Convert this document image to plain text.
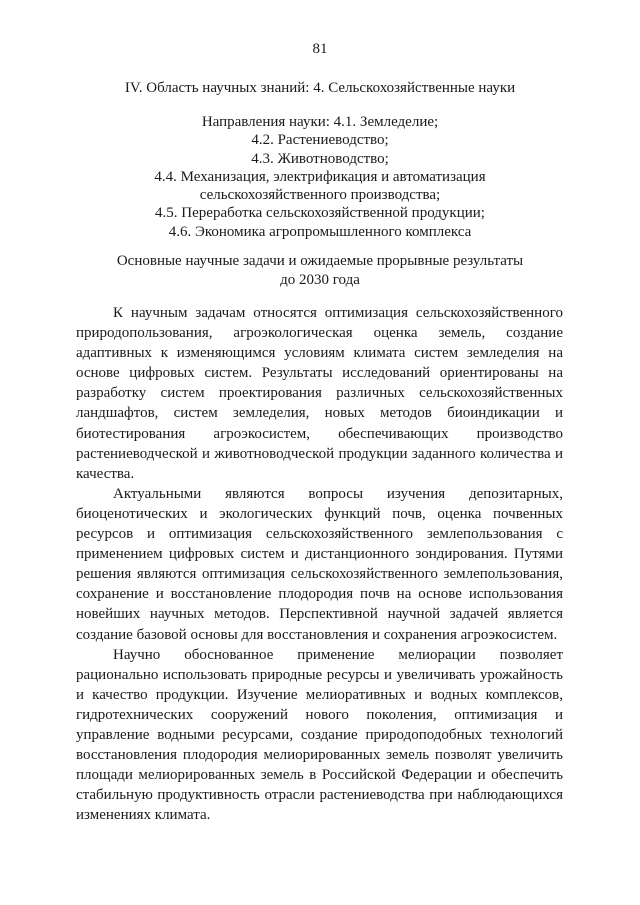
81
IV. Область научных знаний: 4. Сельскохозяйственные науки
Направления науки: 4.1. Земледелие;
4.2. Растениеводство;
4.3. Животноводство;
4.4. Механизация, электрификация и автоматизация
сельскохозяйственного производства;
4.5. Переработка сельскохозяйственной продукции;
4.6. Экономика агропромышленного комплекса
Основные научные задачи и ожидаемые прорывные результаты
до 2030 года

К научным задачам относятся оптимизация сельскохозяйственного природопользования, агроэкологическая оценка земель, создание адаптивных к изменяющимся условиям климата систем земледелия на основе цифровых систем. Результаты исследований ориентированы на разработку систем проектирования различных сельскохозяйственных ландшафтов, систем земледелия, новых методов биоиндикации и биотестирования агроэкосистем, обеспечивающих производство растениеводческой и животноводческой продукции заданного количества и качества.

Актуальными являются вопросы изучения депозитарных, биоценотических и экологических функций почв, оценка почвенных ресурсов и оптимизация сельскохозяйственного землепользования с применением цифровых систем и дистанционного зондирования. Путями решения являются оптимизация сельскохозяйственного землепользования, сохранение и восстановление плодородия почв на основе использования новейших научных методов. Перспективной научной задачей является создание базовой основы для восстановления и сохранения агроэкосистем.

Научно обоснованное применение мелиорации позволяет рационально использовать природные ресурсы и увеличивать урожайность и качество продукции. Изучение мелиоративных и водных комплексов, гидротехнических сооружений нового поколения, оптимизация и управление водными ресурсами, создание природоподобных технологий восстановления плодородия мелиорированных земель позволят увеличить площади мелиорированных земель в Российской Федерации и обеспечить стабильную продуктивность отрасли растениеводства при наблюдающихся изменениях климата.
